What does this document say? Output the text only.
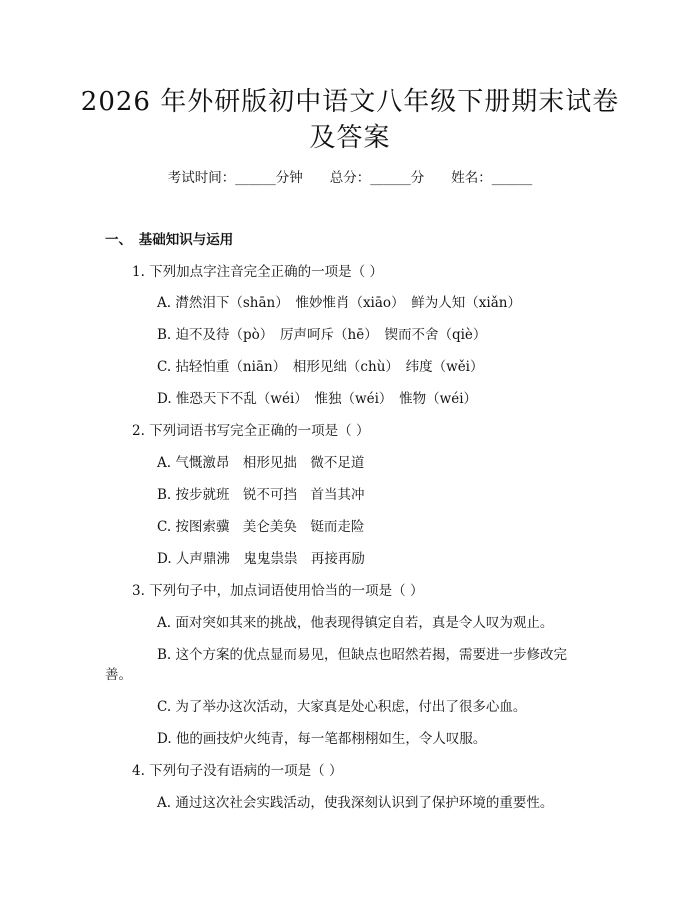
2026 年外研版初中语文八年级下册期末试卷
及答案
考试时间：______分钟　　总分：______分　　姓名：______
一、　基础知识与运用
1. 下列加点字注音完全正确的一项是（ ）
A. 潸然泪下（shān）　惟妙惟肖（xiāo）　鲜为人知（xiǎn）
B. 迫不及待（pò）　厉声呵斥（hē）　锲而不舍（qiè）
C. 拈轻怕重（niān）　相形见绌（chù）　纬度（wěi）
D. 惟恐天下不乱（wéi）　惟独（wéi）　惟物（wéi）
2. 下列词语书写完全正确的一项是（ ）
A. 气慨激昂　相形见拙　微不足道
B. 按步就班　锐不可挡　首当其冲
C. 按图索骥　美仑美奂　铤而走险
D. 人声鼎沸　鬼鬼祟祟　再接再励
3. 下列句子中，加点词语使用恰当的一项是（ ）
A. 面对突如其来的挑战，他表现得镇定自若，真是令人叹为观止。
B. 这个方案的优点显而易见，但缺点也昭然若揭，需要进一步修改完
善。
C. 为了举办这次活动，大家真是处心积虑，付出了很多心血。
D. 他的画技炉火纯青，每一笔都栩栩如生，令人叹服。
4. 下列句子没有语病的一项是（ ）
A. 通过这次社会实践活动，使我深刻认识到了保护环境的重要性。
